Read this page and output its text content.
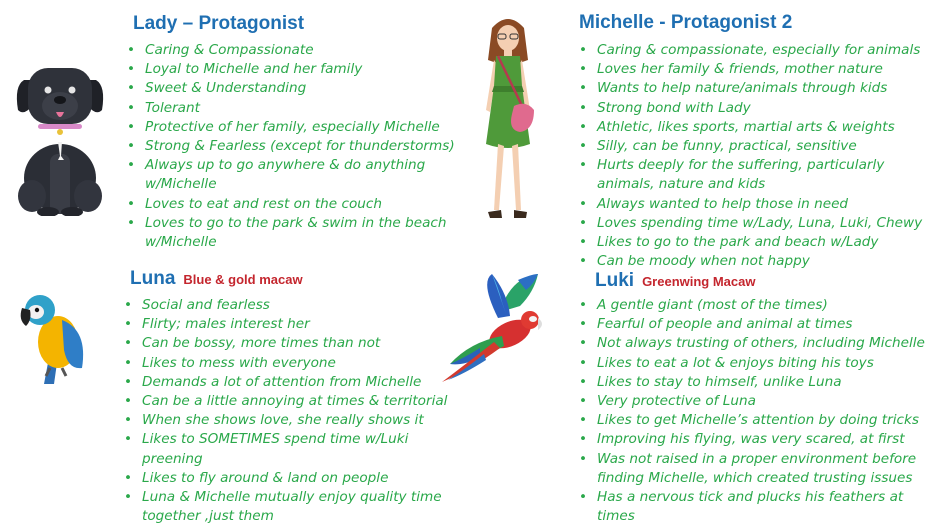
Lady – Protagonist
• Caring & Compassionate
• Loyal to Michelle and her family
• Sweet & Understanding
• Tolerant
• Protective of her family, especially Michelle
• Strong & Fearless (except for thunderstorms)
• Always up to go anywhere & do anything w/Michelle
• Loves to eat and rest on the couch
• Loves to go to the park & swim in the beach w/Michelle
Michelle - Protagonist 2
• Caring & compassionate, especially for animals
• Loves her family & friends, mother nature
• Wants to help nature/animals through kids
• Strong bond with Lady
• Athletic, likes sports, martial arts & weights
• Silly, can be funny, practical, sensitive
• Hurts deeply for the suffering, particularly animals, nature and kids
• Always wanted to help those in need
• Loves spending time w/Lady, Luna, Luki, Chewy
• Likes to go to the park and beach w/Lady
• Can be moody when not happy
Luna Blue & gold macaw
• Social and fearless
• Flirty; males interest her
• Can be bossy, more times than not
• Likes to mess with everyone
• Demands a lot of attention from Michelle
• Can be a little annoying at times & territorial
• When she shows love, she really shows it
• Likes to SOMETIMES spend time w/Luki preening
• Likes to fly around & land on people
• Luna & Michelle mutually enjoy quality time together ,just them
Luki Greenwing Macaw
• A gentle giant (most of the times)
• Fearful of people and animal at times
• Not always trusting of others, including Michelle
• Likes to eat a lot & enjoys biting his toys
• Likes to stay to himself, unlike Luna
• Very protective of Luna
• Likes to get Michelle’s attention by doing tricks
• Improving his flying, was very scared, at first
• Was not raised in a proper environment before finding Michelle, which created trusting issues
• Has a nervous tick and plucks his feathers at times
